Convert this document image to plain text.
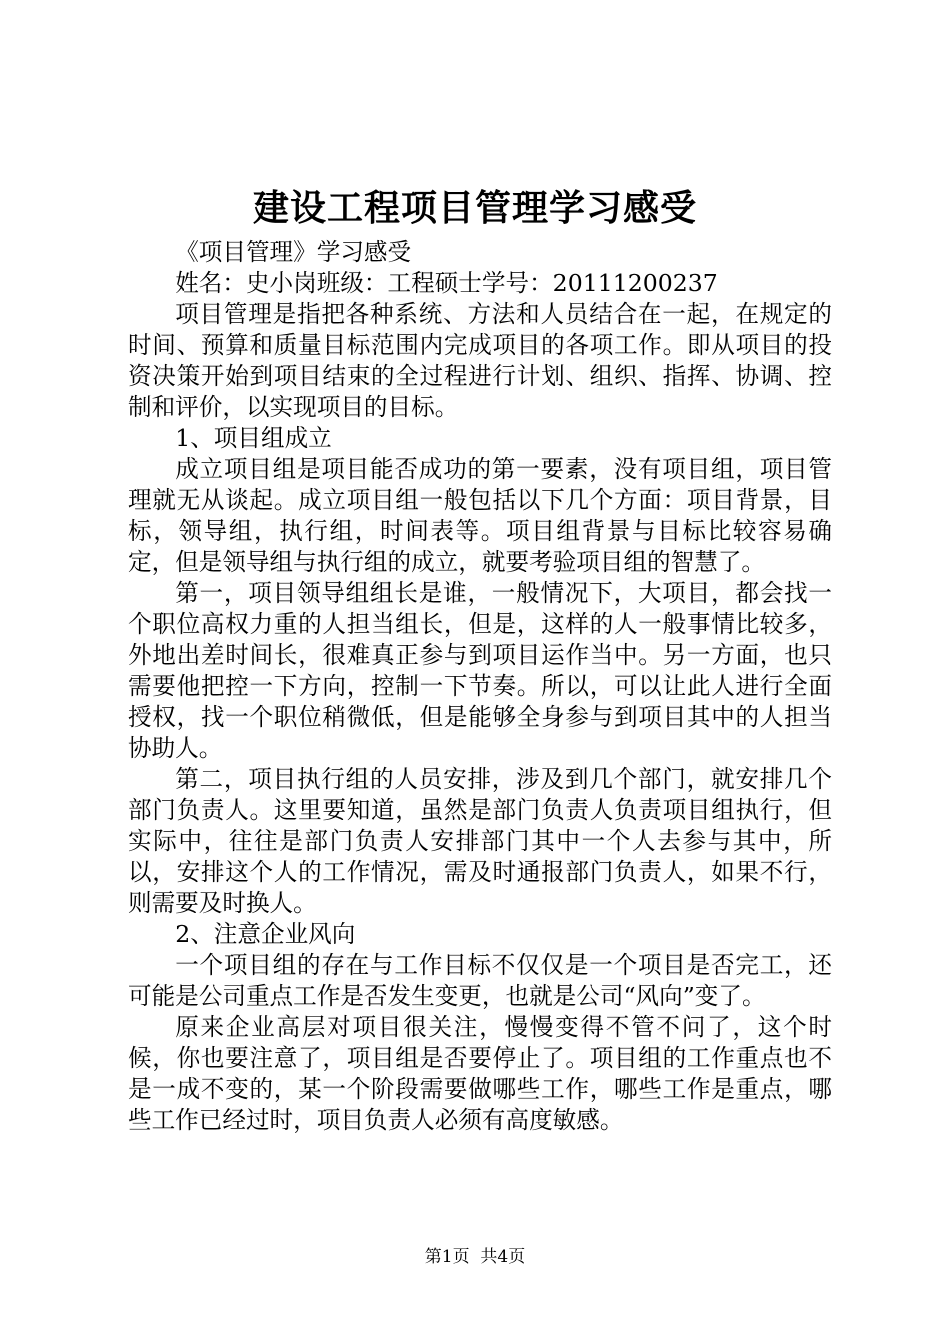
建设工程项目管理学习感受

《项目管理》学习感受

姓名：史小岗班级：工程硕士学号：20111200237

项目管理是指把各种系统、方法和人员结合在一起，在规定的时间、预算和质量目标范围内完成项目的各项工作。即从项目的投资决策开始到项目结束的全过程进行计划、组织、指挥、协调、控制和评价，以实现项目的目标。

1、项目组成立

成立项目组是项目能否成功的第一要素，没有项目组，项目管理就无从谈起。成立项目组一般包括以下几个方面：项目背景，目标，领导组，执行组，时间表等。项目组背景与目标比较容易确定，但是领导组与执行组的成立，就要考验项目组的智慧了。

第一，项目领导组组长是谁，一般情况下，大项目，都会找一个职位高权力重的人担当组长，但是，这样的人一般事情比较多，外地出差时间长，很难真正参与到项目运作当中。另一方面，也只需要他把控一下方向，控制一下节奏。所以，可以让此人进行全面授权，找一个职位稍微低，但是能够全身参与到项目其中的人担当协助人。

第二，项目执行组的人员安排，涉及到几个部门，就安排几个部门负责人。这里要知道，虽然是部门负责人负责项目组执行，但实际中，往往是部门负责人安排部门其中一个人去参与其中，所以，安排这个人的工作情况，需及时通报部门负责人，如果不行，则需要及时换人。

2、注意企业风向

一个项目组的存在与工作目标不仅仅是一个项目是否完工，还可能是公司重点工作是否发生变更，也就是公司“风向”变了。

原来企业高层对项目很关注，慢慢变得不管不问了，这个时候，你也要注意了，项目组是否要停止了。项目组的工作重点也不是一成不变的，某一个阶段需要做哪些工作，哪些工作是重点，哪些工作已经过时，项目负责人必须有高度敏感。

第1页 共4页
